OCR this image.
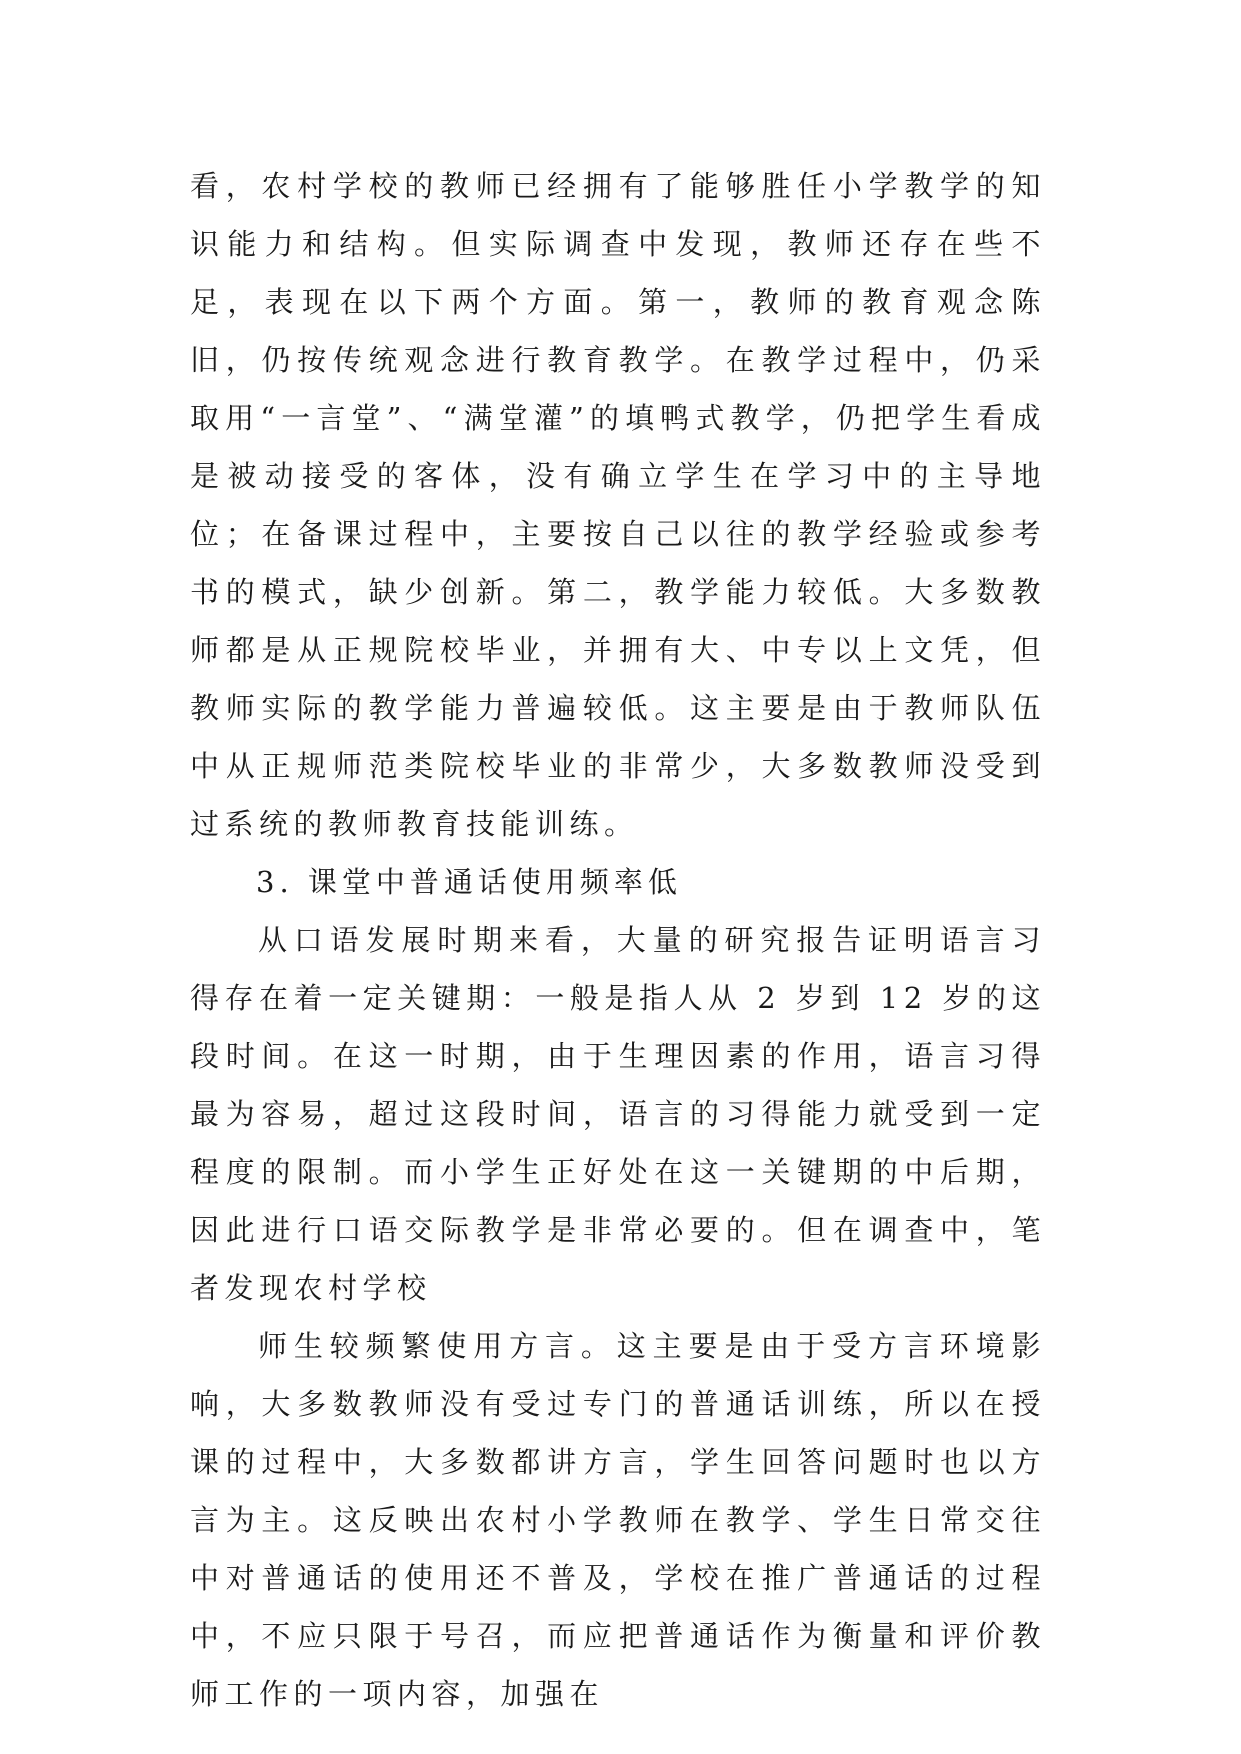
看，农村学校的教师已经拥有了能够胜任小学教学的知识能力和结构。但实际调查中发现，教师还存在些不足，表现在以下两个方面。第一，教师的教育观念陈旧，仍按传统观念进行教育教学。在教学过程中，仍采取用“一言堂”、“满堂灌”的填鸭式教学，仍把学生看成是被动接受的客体，没有确立学生在学习中的主导地位；在备课过程中，主要按自己以往的教学经验或参考书的模式，缺少创新。第二，教学能力较低。大多数教师都是从正规院校毕业，并拥有大、中专以上文凭，但教师实际的教学能力普遍较低。这主要是由于教师队伍中从正规师范类院校毕业的非常少，大多数教师没受到过系统的教师教育技能训练。

3. 课堂中普通话使用频率低

从口语发展时期来看，大量的研究报告证明语言习得存在着一定关键期：一般是指人从 2 岁到 12 岁的这段时间。在这一时期，由于生理因素的作用，语言习得最为容易，超过这段时间，语言的习得能力就受到一定程度的限制。而小学生正好处在这一关键期的中后期，因此进行口语交际教学是非常必要的。但在调查中，笔者发现农村学校

师生较频繁使用方言。这主要是由于受方言环境影响，大多数教师没有受过专门的普通话训练，所以在授课的过程中，大多数都讲方言，学生回答问题时也以方言为主。这反映出农村小学教师在教学、学生日常交往中对普通话的使用还不普及，学校在推广普通话的过程中，不应只限于号召，而应把普通话作为衡量和评价教师工作的一项内容，加强在
